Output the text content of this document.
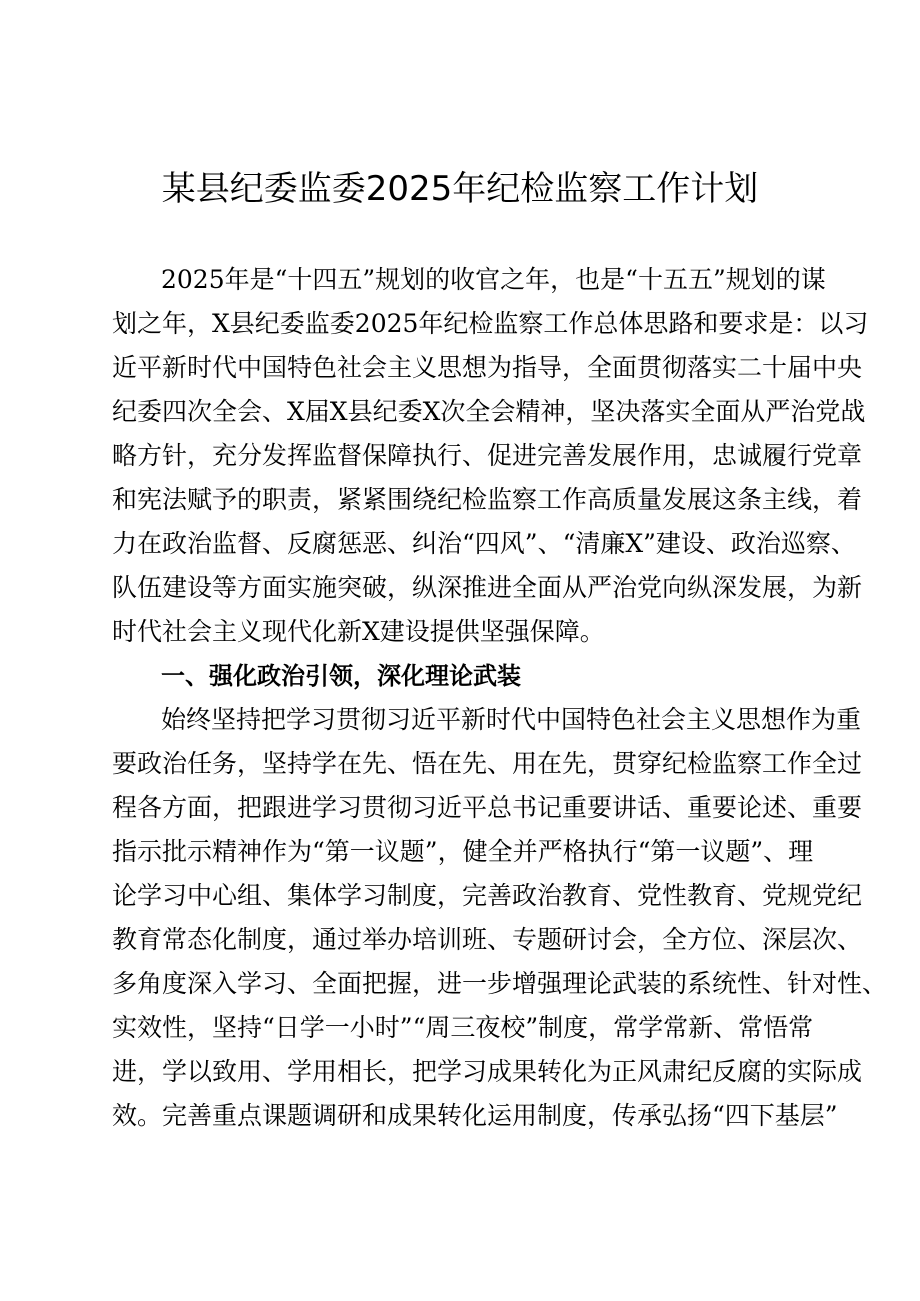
某县纪委监委2025年纪检监察工作计划
2025年是“十四五”规划的收官之年，也是“十五五”规划的谋
划之年，X县纪委监委2025年纪检监察工作总体思路和要求是：以习
近平新时代中国特色社会主义思想为指导，全面贯彻落实二十届中央
纪委四次全会、X届X县纪委X次全会精神，坚决落实全面从严治党战
略方针，充分发挥监督保障执行、促进完善发展作用，忠诚履行党章
和宪法赋予的职责，紧紧围绕纪检监察工作高质量发展这条主线，着
力在政治监督、反腐惩恶、纠治“四风”、“清廉X”建设、政治巡察、
队伍建设等方面实施突破，纵深推进全面从严治党向纵深发展，为新
时代社会主义现代化新X建设提供坚强保障。
一、强化政治引领，深化理论武装
始终坚持把学习贯彻习近平新时代中国特色社会主义思想作为重
要政治任务，坚持学在先、悟在先、用在先，贯穿纪检监察工作全过
程各方面，把跟进学习贯彻习近平总书记重要讲话、重要论述、重要
指示批示精神作为“第一议题”，健全并严格执行“第一议题”、理
论学习中心组、集体学习制度，完善政治教育、党性教育、党规党纪
教育常态化制度，通过举办培训班、专题研讨会，全方位、深层次、
多角度深入学习、全面把握，进一步增强理论武装的系统性、针对性、
实效性，坚持“日学一小时”“周三夜校”制度，常学常新、常悟常
进，学以致用、学用相长，把学习成果转化为正风肃纪反腐的实际成
效。完善重点课题调研和成果转化运用制度，传承弘扬“四下基层”
